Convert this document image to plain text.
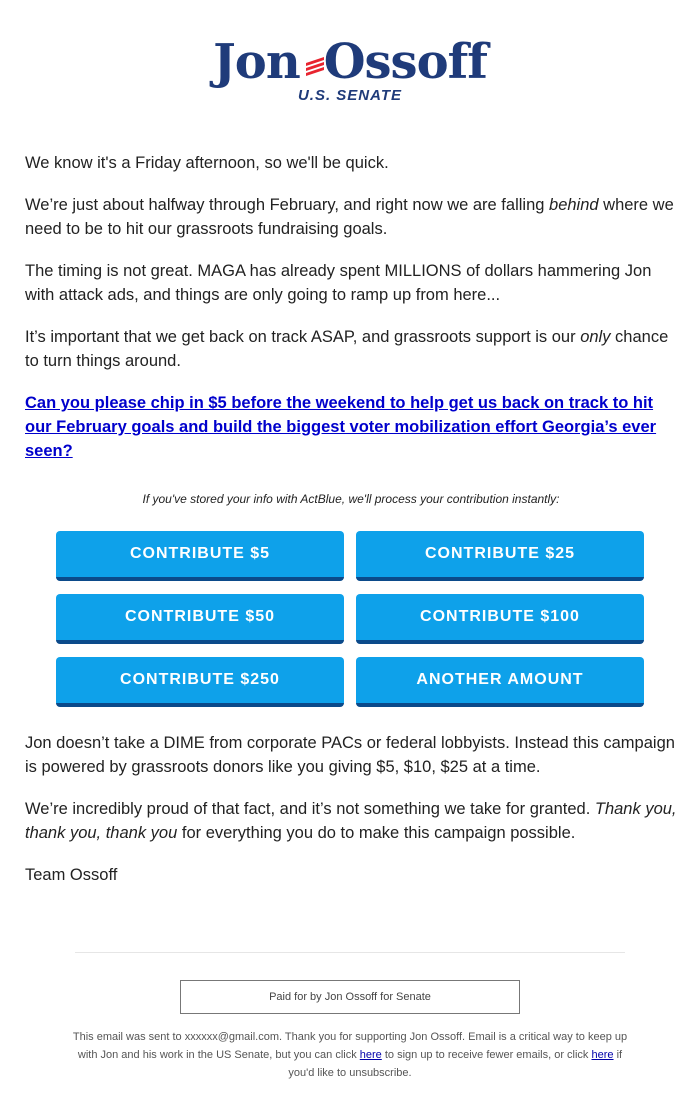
Jon Ossoff
U.S. SENATE

We know it's a Friday afternoon, so we'll be quick.

We’re just about halfway through February, and right now we are falling behind where we need to be to hit our grassroots fundraising goals.

The timing is not great. MAGA has already spent MILLIONS of dollars hammering Jon with attack ads, and things are only going to ramp up from here...

It’s important that we get back on track ASAP, and grassroots support is our only chance to turn things around.

Can you please chip in $5 before the weekend to help get us back on track to hit our February goals and build the biggest voter mobilization effort Georgia’s ever seen?

If you've stored your info with ActBlue, we'll process your contribution instantly:

CONTRIBUTE $5	CONTRIBUTE $25
CONTRIBUTE $50	CONTRIBUTE $100
CONTRIBUTE $250	ANOTHER AMOUNT

Jon doesn’t take a DIME from corporate PACs or federal lobbyists. Instead this campaign is powered by grassroots donors like you giving $5, $10, $25 at a time.

We’re incredibly proud of that fact, and it’s not something we take for granted. Thank you, thank you, thank you for everything you do to make this campaign possible.

Team Ossoff

Paid for by Jon Ossoff for Senate
This email was sent to xxxxxx@gmail.com. Thank you for supporting Jon Ossoff. Email is a critical way to keep up with Jon and his work in the US Senate, but you can click here to sign up to receive fewer emails, or click here if you'd like to unsubscribe.
